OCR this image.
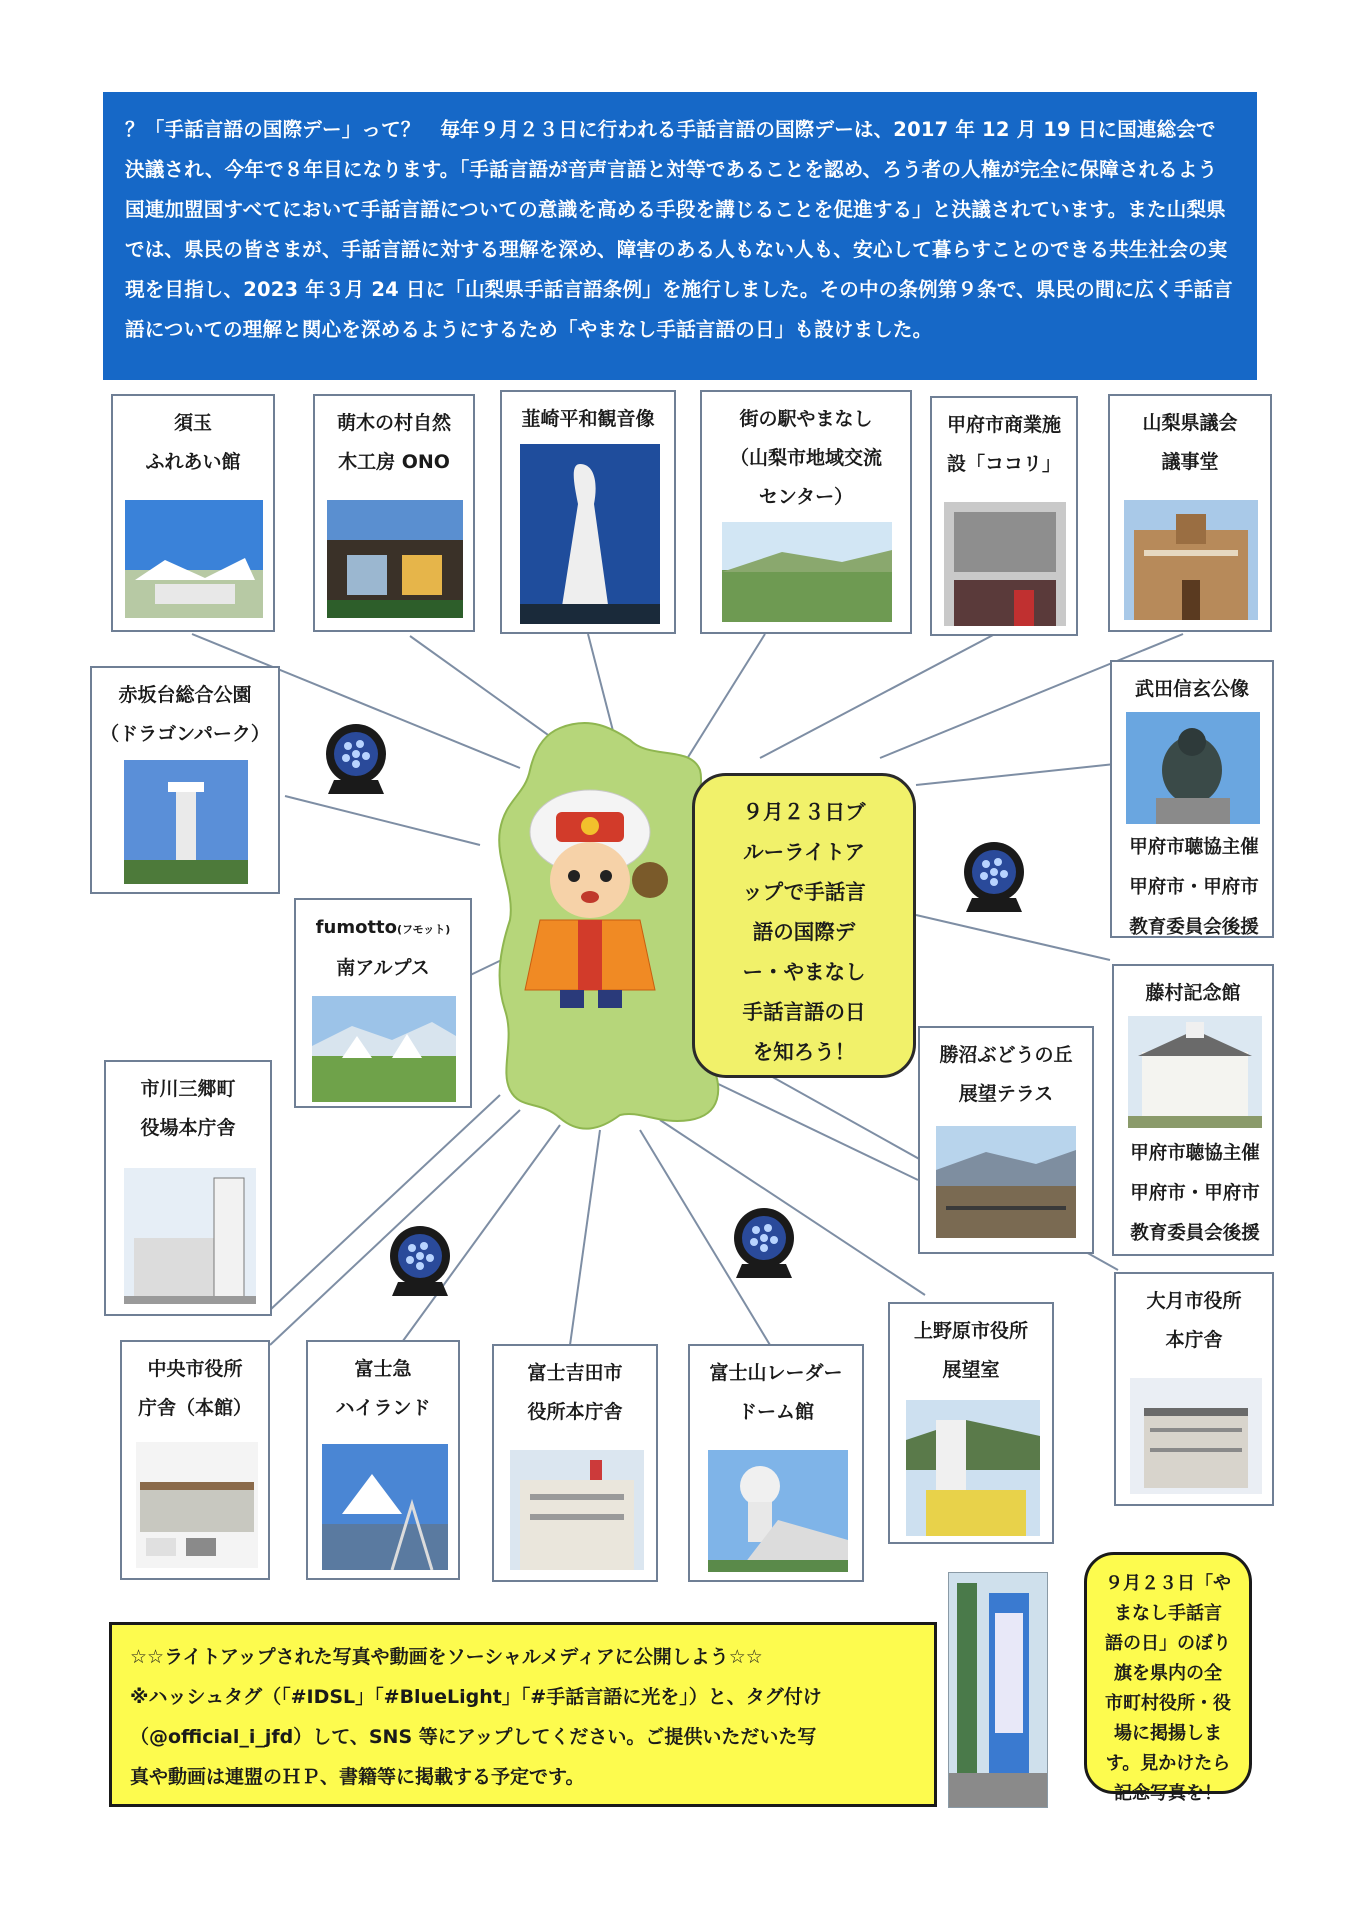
？「手話言語の国際デー」って？　毎年９月２３日に行われる手話言語の国際デーは、2017 年 12 月 19 日に国連総会で決議され、今年で８年目になります。「手話言語が音声言語と対等であることを認め、ろう者の人権が完全に保障されるよう国連加盟国すべてにおいて手話言語についての意識を高める手段を講じることを促進する」と決議されています。また山梨県では、県民の皆さまが、手話言語に対する理解を深め、障害のある人もない人も、安心して暮らすことのできる共生社会の実現を目指し、2023 年３月 24 日に「山梨県手話言語条例」を施行しました。その中の条例第９条で、県民の間に広く手話言語についての理解と関心を深めるようにするため「やまなし手話言語の日」も設けました。

須玉
ふれあい館
萌木の村自然
木工房 ONO
韮崎平和観音像	街の駅やまなし
（山梨市地域交流
センター）
甲府市商業施
設「ココリ」
山梨県議会
議事堂
赤坂台総合公園
（ドラゴンパーク）
武田信玄公像
甲府市聴協主催
甲府市・甲府市
教育委員会後援
fumotto(フモット)
南アルプス
藤村記念館
甲府市聴協主催
甲府市・甲府市
教育委員会後援
勝沼ぶどうの丘
展望テラス
市川三郷町
役場本庁舎
大月市役所
本庁舎
上野原市役所
展望室
中央市役所
庁舎（本館）
富士急
ハイランド
富士吉田市
役所本庁舎
富士山レーダー
ドーム館
９月２３日ブ
ルーライトア
ップで手話言
語の国際デ
ー・やまなし
手話言語の日
を知ろう！

☆☆ライトアップされた写真や動画をソーシャルメディアに公開しよう☆☆

※ハッシュタグ（「#IDSL」「#BlueLight」「#手話言語に光を」）と、タグ付け

（@official_i_jfd）して、SNS 等にアップしてください。ご提供いただいた写

真や動画は連盟のＨＰ、書籍等に掲載する予定です。

９月２３日「や
まなし手話言
語の日」のぼり
旗を県内の全
市町村役所・役
場に掲揚しま
す。見かけたら
記念写真を！
